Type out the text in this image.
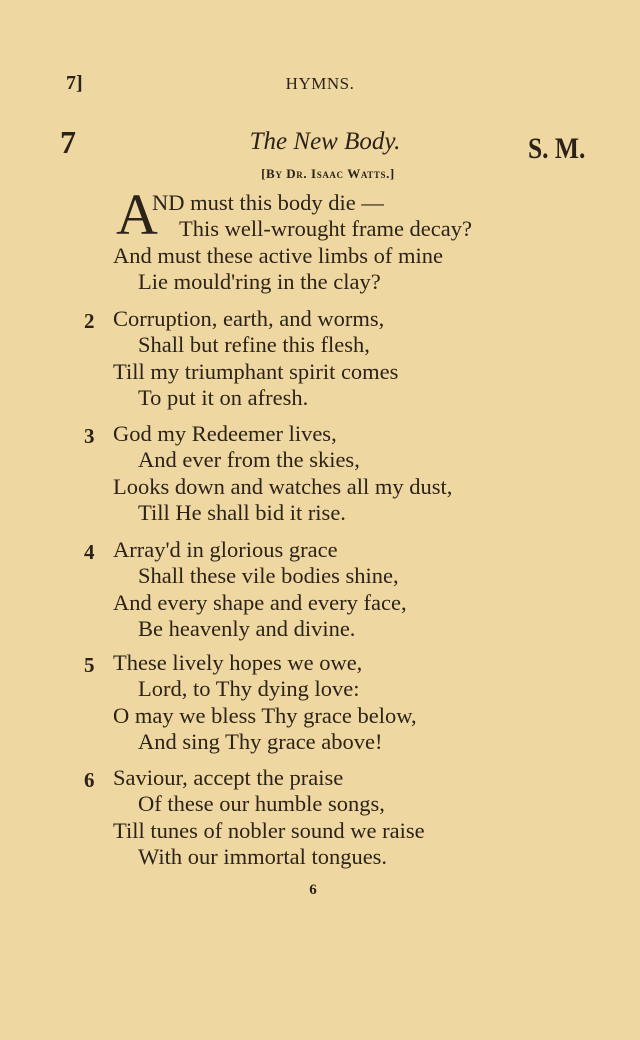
7]	HYMNS.
7	The New Body.	S. M.
[By Dr. Isaac Watts.]
A
ND must this body die —
This well-wrought frame decay?
And must these active limbs of mine
Lie mould'ring in the clay?
2 Corruption, earth, and worms,
Shall but refine this flesh,
Till my triumphant spirit comes
To put it on afresh.
3 God my Redeemer lives,
And ever from the skies,
Looks down and watches all my dust,
Till He shall bid it rise.
4 Array'd in glorious grace
Shall these vile bodies shine,
And every shape and every face,
Be heavenly and divine.
5 These lively hopes we owe,
Lord, to Thy dying love:
O may we bless Thy grace below,
And sing Thy grace above!
6 Saviour, accept the praise
Of these our humble songs,
Till tunes of nobler sound we raise
With our immortal tongues.
6
